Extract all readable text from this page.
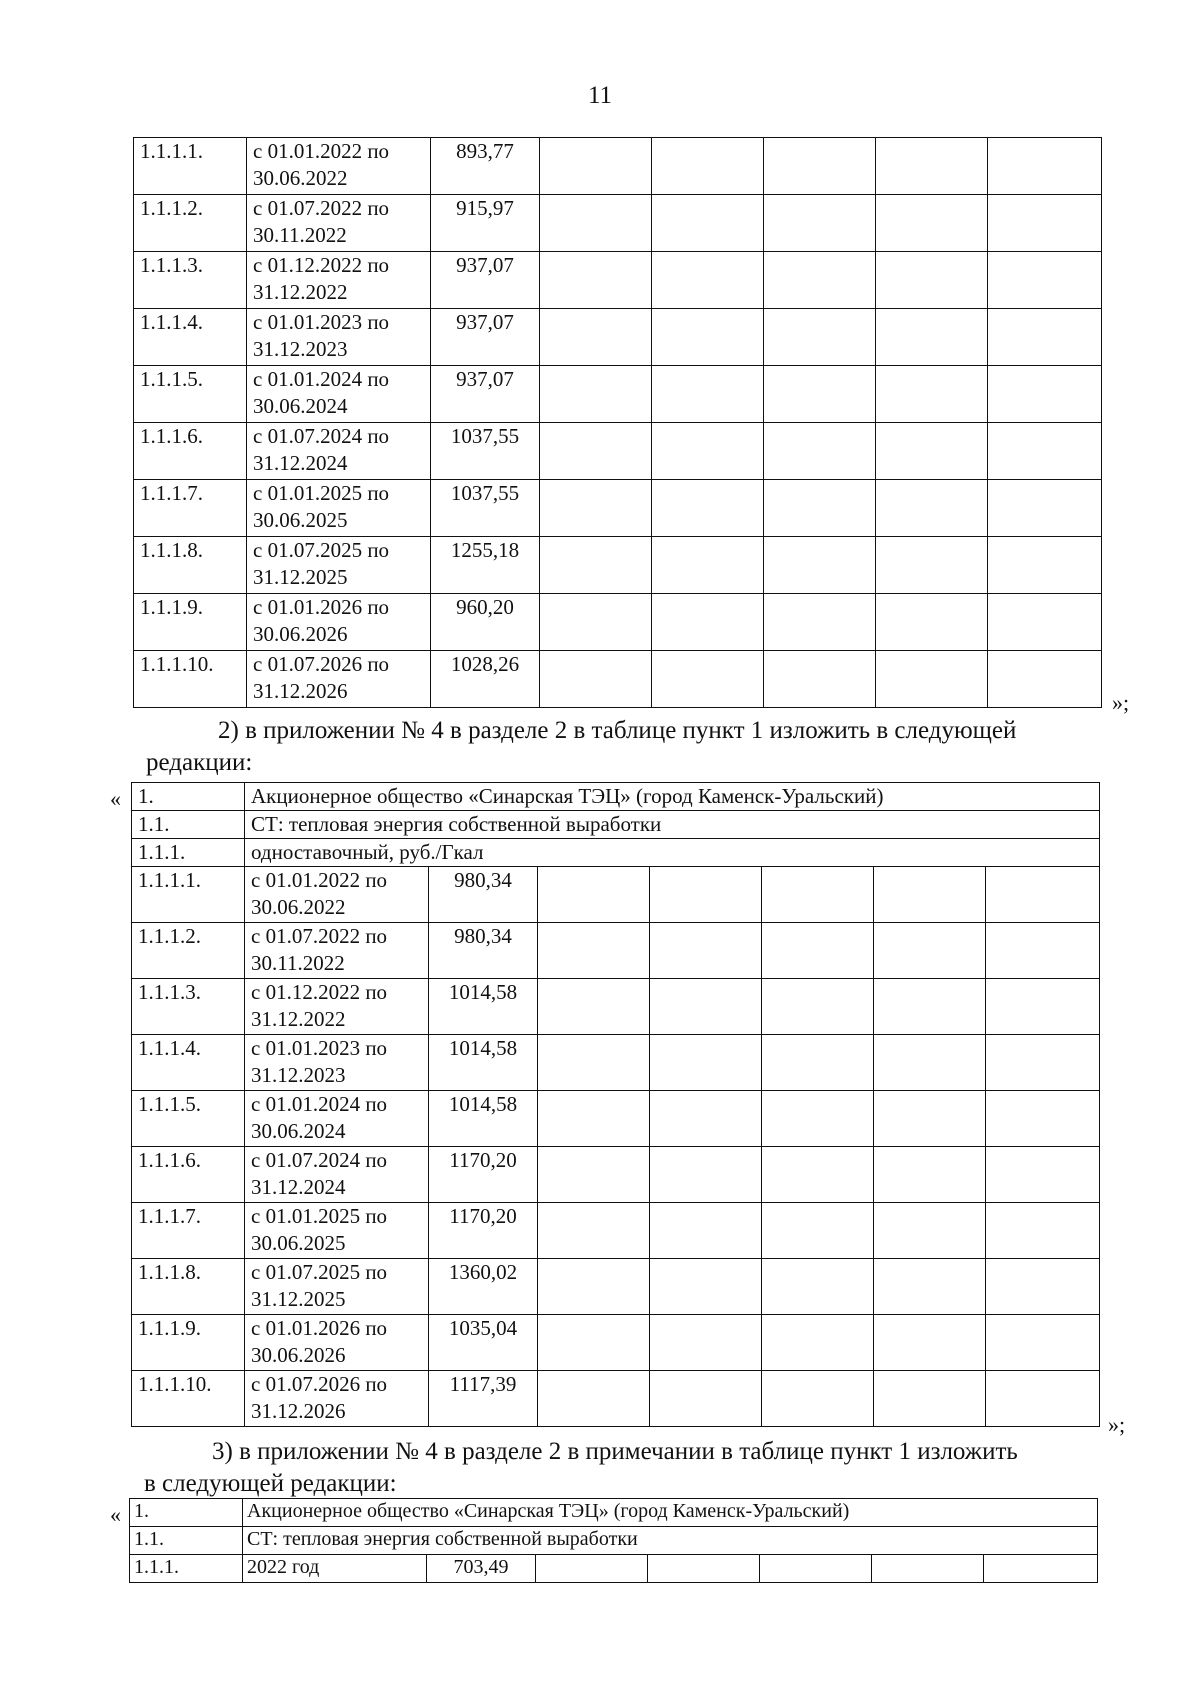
11
1.1.1.1.	с 01.01.2022 по
30.06.2022	893,77					
1.1.1.2.	с 01.07.2022 по
30.11.2022	915,97					
1.1.1.3.	с 01.12.2022 по
31.12.2022	937,07					
1.1.1.4.	с 01.01.2023 по
31.12.2023	937,07					
1.1.1.5.	с 01.01.2024 по
30.06.2024	937,07					
1.1.1.6.	с 01.07.2024 по
31.12.2024	1037,55					
1.1.1.7.	с 01.01.2025 по
30.06.2025	1037,55					
1.1.1.8.	с 01.07.2025 по
31.12.2025	1255,18					
1.1.1.9.	с 01.01.2026 по
30.06.2026	960,20					
1.1.1.10.	с 01.07.2026 по
31.12.2026	1028,26					
»;
2) в приложении № 4 в разделе 2 в таблице пункт 1 изложить в следующей
редакции:
« 1.	Акционерное общество «Синарская ТЭЦ» (город Каменск-Уральский)						
1.1.	СТ: тепловая энергия собственной выработки						
1.1.1.	одноставочный, руб./Гкал						
1.1.1.1.	с 01.01.2022 по
30.06.2022	980,34					
1.1.1.2.	с 01.07.2022 по
30.11.2022	980,34					
1.1.1.3.	с 01.12.2022 по
31.12.2022	1014,58					
1.1.1.4.	с 01.01.2023 по
31.12.2023	1014,58					
1.1.1.5.	с 01.01.2024 по
30.06.2024	1014,58					
1.1.1.6.	с 01.07.2024 по
31.12.2024	1170,20					
1.1.1.7.	с 01.01.2025 по
30.06.2025	1170,20					
1.1.1.8.	с 01.07.2025 по
31.12.2025	1360,02					
1.1.1.9.	с 01.01.2026 по
30.06.2026	1035,04					
1.1.1.10.	с 01.07.2026 по
31.12.2026	1117,39					
»;
3) в приложении № 4 в разделе 2 в примечании в таблице пункт 1 изложить
в следующей редакции:
« 1.	Акционерное общество «Синарская ТЭЦ» (город Каменск-Уральский)						
1.1.	СТ: тепловая энергия собственной выработки						
1.1.1.	2022 год	703,49					
